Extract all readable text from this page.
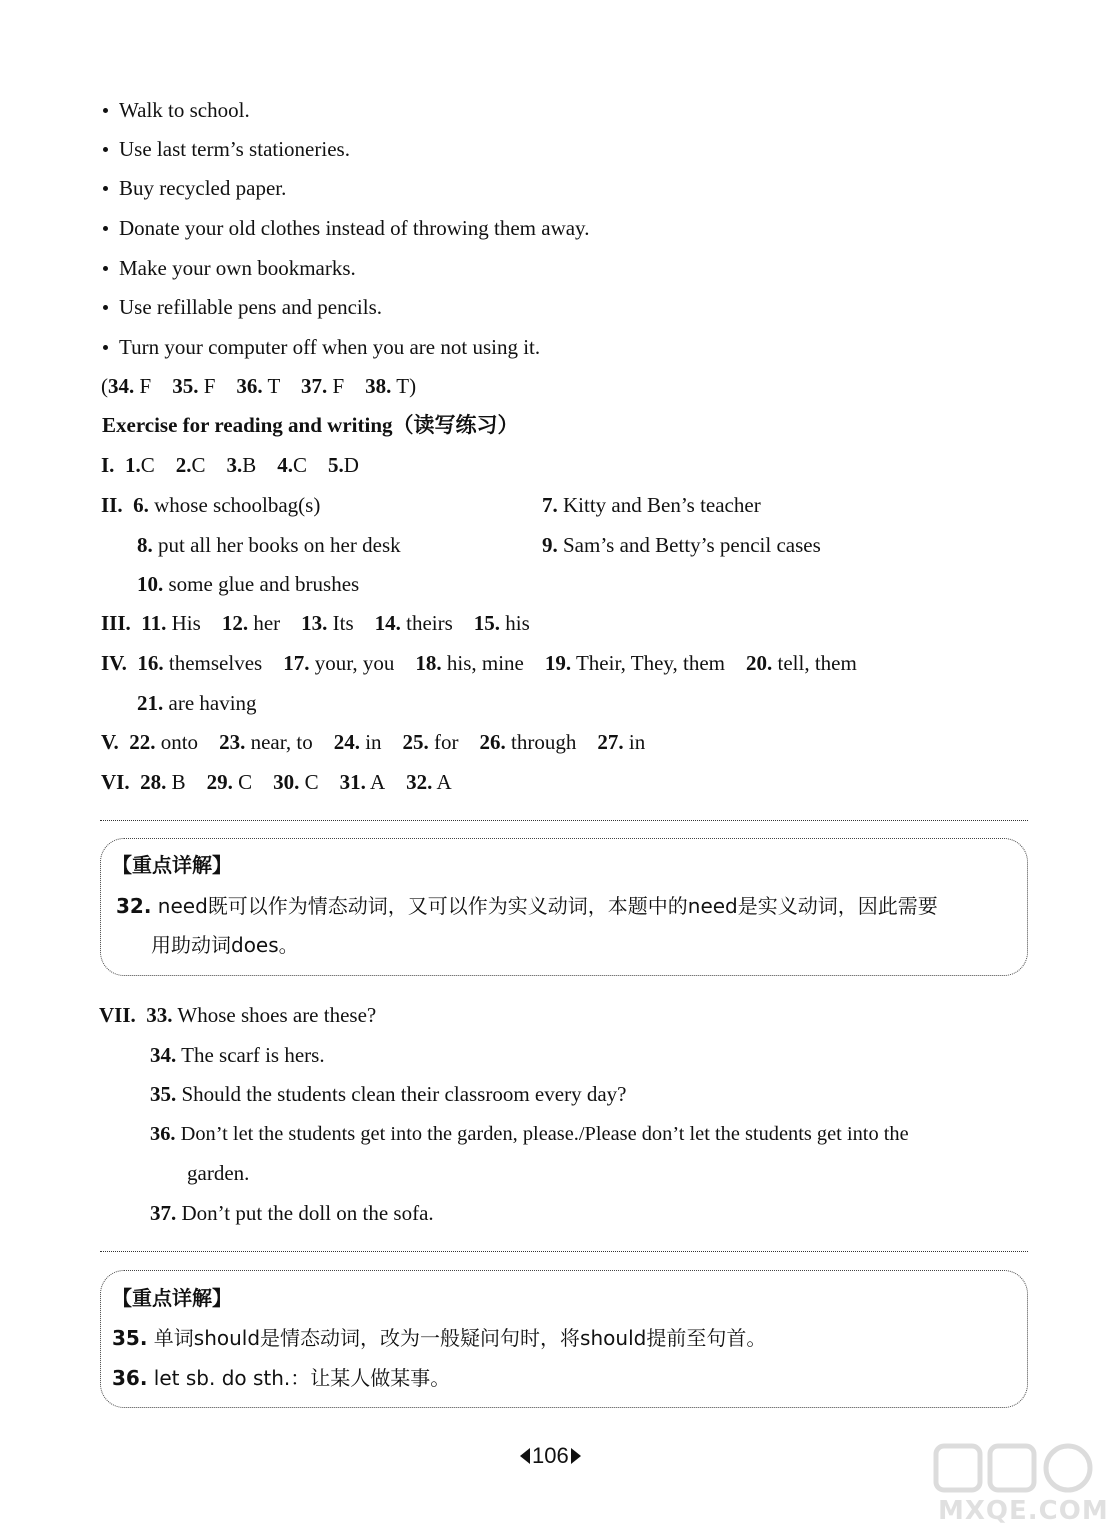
Walk to school.
Use last term’s stationeries.
Buy recycled paper.
Donate your old clothes instead of throwing them away.
Make your own bookmarks.
Use refillable pens and pencils.
Turn your computer off when you are not using it.
(34. F 35. F 36. T 37. F 38. T)
Exercise for reading and writing（读写练习）
I. 1.C 2.C 3.B 4.C 5.D
II. 6. whose schoolbag(s)	7. Kitty and Ben’s teacher
8. put all her books on her desk	9. Sam’s and Betty’s pencil cases
10. some glue and brushes
III. 11. His 12. her 13. Its 14. theirs 15. his
IV. 16. themselves 17. your, you 18. his, mine 19. Their, They, them 20. tell, them
21. are having
V. 22. onto 23. near, to 24. in 25. for 26. through 27. in
VI. 28. B 29. C 30. C 31. A 32. A
【重点详解】
32. need既可以作为情态动词，又可以作为实义动词，本题中的need是实义动词，因此需要
用助动词does。
VII. 33. Whose shoes are these?
34. The scarf is hers.
35. Should the students clean their classroom every day?
36. Don’t let the students get into the garden, please./Please don’t let the students get into the
garden.
37. Don’t put the doll on the sofa.
【重点详解】
35. 单词should是情态动词，改为一般疑问句时，将should提前至句首。
36. let sb. do sth.：让某人做某事。
106
MXQE.COM
